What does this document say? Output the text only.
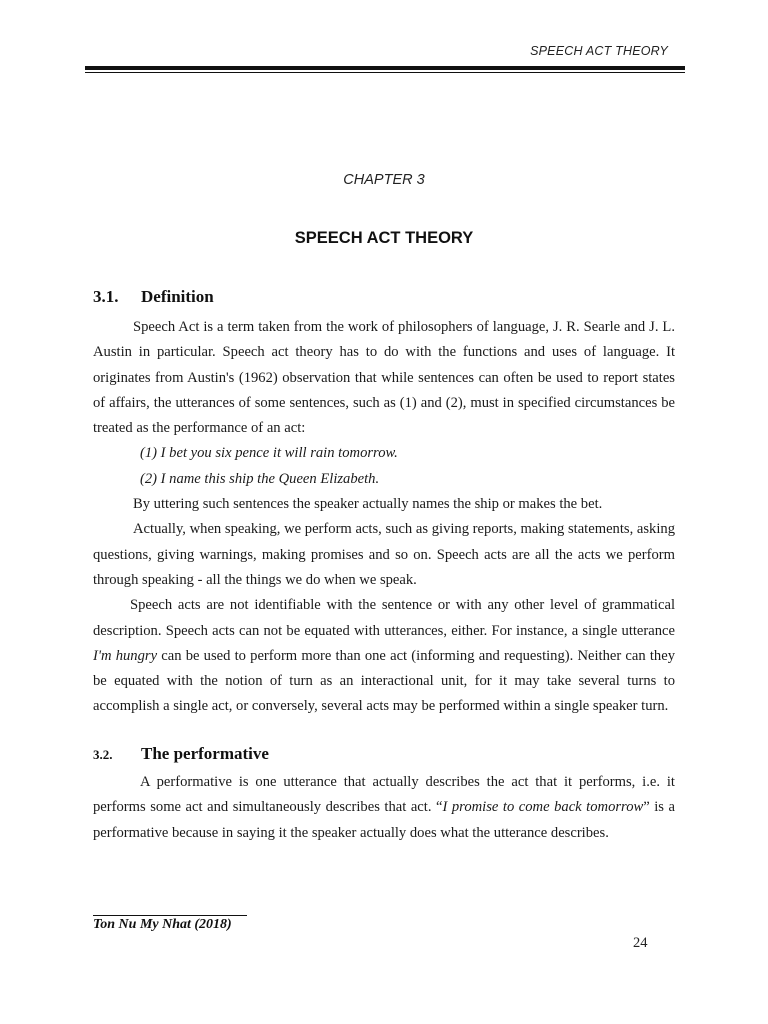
SPEECH ACT THEORY
CHAPTER 3
SPEECH ACT THEORY
3.1. Definition

Speech Act is a term taken from the work of philosophers of language, J. R. Searle and J. L. Austin in particular. Speech act theory has to do with the functions and uses of language. It originates from Austin's (1962) observation that while sentences can often be used to report states of affairs, the utterances of some sentences, such as (1) and (2), must in specified circumstances be treated as the performance of an act:

(1) I bet you six pence it will rain tomorrow.

(2) I name this ship the Queen Elizabeth.

By uttering such sentences the speaker actually names the ship or makes the bet.

Actually, when speaking, we perform acts, such as giving reports, making statements, asking questions, giving warnings, making promises and so on. Speech acts are all the acts we perform through speaking - all the things we do when we speak.

Speech acts are not identifiable with the sentence or with any other level of grammatical description. Speech acts can not be equated with utterances, either. For instance, a single utterance I'm hungry can be used to perform more than one act (informing and requesting). Neither can they be equated with the notion of turn as an interactional unit, for it may take several turns to accomplish a single act, or conversely, several acts may be performed within a single speaker turn.

3.2. The performative

A performative is one utterance that actually describes the act that it performs, i.e. it performs some act and simultaneously describes that act. “I promise to come back tomorrow” is a performative because in saying it the speaker actually does what the utterance describes.

Ton Nu My Nhat (2018)
24
